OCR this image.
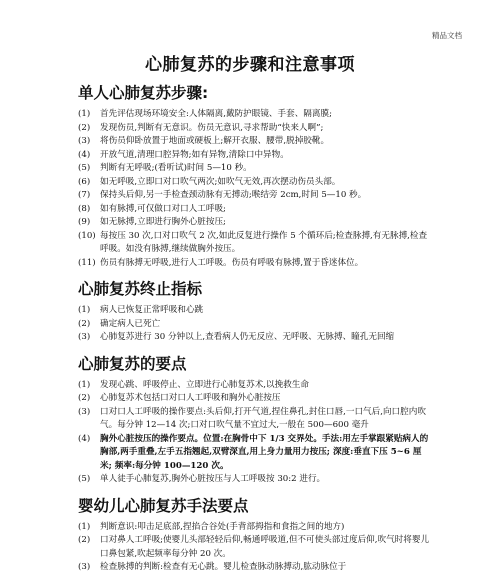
精品文档
心肺复苏的步骤和注意事项
单人心肺复苏步骤:
(1)	首先评估现场环境安全:人体隔离,戴防护眼镜、手套、隔离膜;
(2)	发现伤员,判断有无意识。伤员无意识,寻求帮助“快来人啊”;
(3)	将伤员仰卧放置于地面或硬板上;解开衣服、腰带,脱掉胶靴。
(4)	开放气道,清理口腔异物;如有异物,清除口中异物。
(5)	判断有无呼吸;(看听试)时间 5—10 秒。
(6)	如无呼吸,立即口对口吹气两次;如吹气无效,再次摆动伤员头部。
(7)	保持头后仰,另一手检查颈动脉有无搏动;喉结旁 2cm,时间 5—10 秒。
(8)	如有脉搏,可仅做口对口人工呼吸;
(9)	如无脉搏,立即进行胸外心脏按压;
(10) 每按压 30 次,口对口吹气 2 次,如此反复进行操作 5 个循环后;检查脉搏,有无脉搏,检查呼吸。如没有脉搏,继续做胸外按压。
(11) 伤员有脉搏无呼吸,进行人工呼吸。伤员有呼吸有脉搏,置于昏迷体位。
心肺复苏终止指标
(1)	病人已恢复正常呼吸和心跳
(2)	确定病人已死亡
(3)	心肺复苏进行 30 分钟以上,查看病人仍无反应、无呼吸、无脉搏、瞳孔无回缩
心肺复苏的要点
(1)	发现心跳、呼吸停止、立即进行心肺复苏术,以挽救生命
(2)	心肺复苏术包括口对口人工呼吸和胸外心脏按压
(3)	口对口人工呼吸的操作要点:头后仰,打开气道,捏住鼻孔,封住口唇,一口气后,向口腔内吹气。每分钟 12—14 次;口对口吹气量不宜过大,一般在 500—600 毫升
(4)	胸外心脏按压的操作要点。位置:在胸骨中下 1/3 交界处。手法:用左手掌跟紧贴病人的胸部,两手重叠,左手五指翘起,双臂深直,用上身力量用力按压; 深度:垂直下压 5~6 厘米; 频率:每分钟 100—120 次。
(5)	单人徒手心肺复苏,胸外心脏按压与人工呼吸按 30:2 进行。
婴幼儿心肺复苏手法要点
(1)	判断意识:叩击足底部,捏掐合谷处(手背部拇指和食指之间的地方)
(2)	口对鼻人工呼吸;使婴儿头部轻轻后仰,畅通呼吸道,但不可使头部过度后仰,吹气时将婴儿口鼻包紧,吹起频率每分钟 20 次。
(3)	检查脉搏的判断:检查有无心跳。婴儿检查脉动脉搏动,肱动脉位于
